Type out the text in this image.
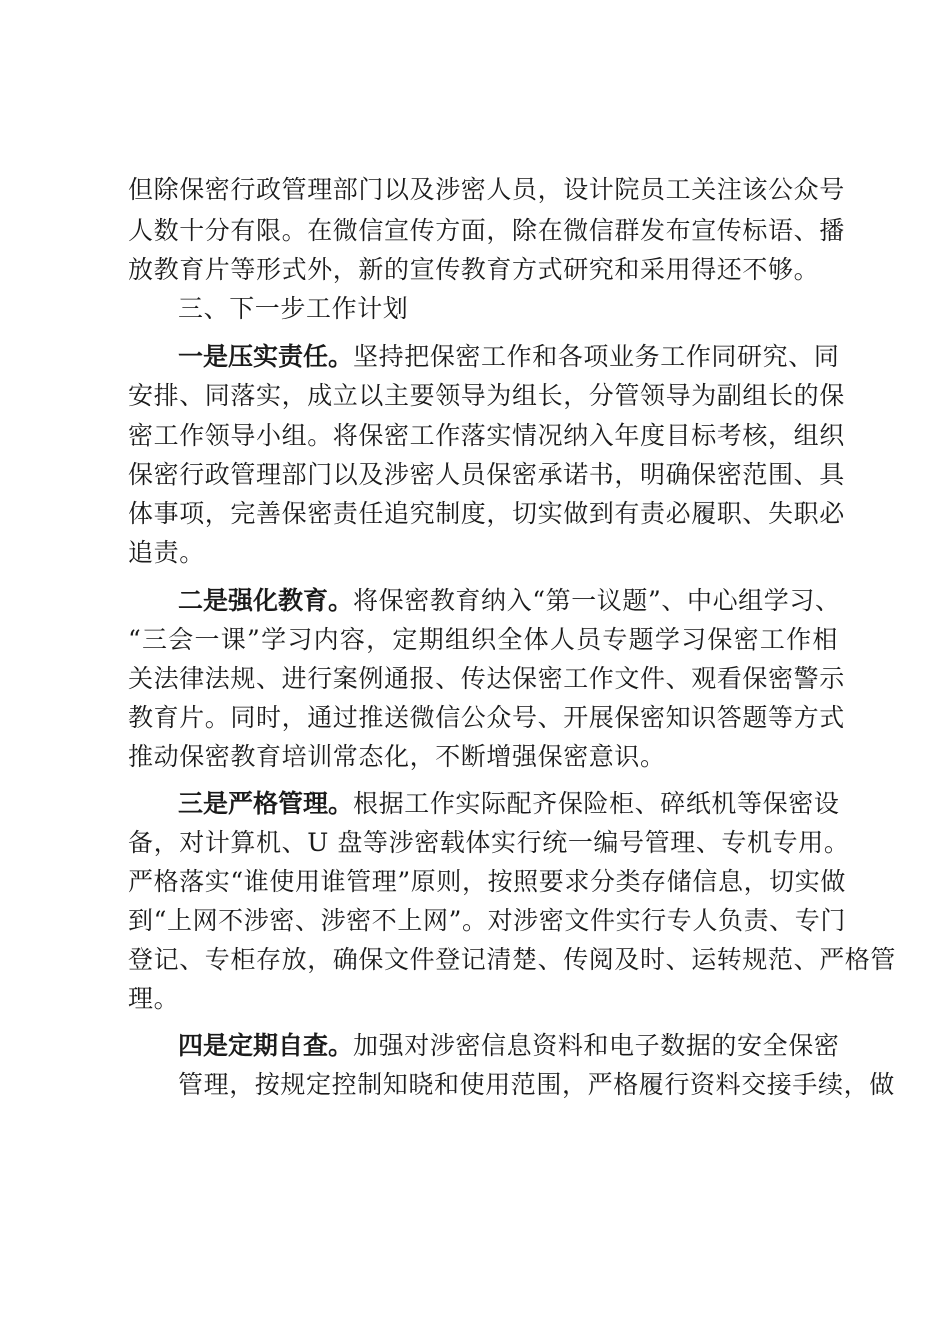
但除保密行政管理部门以及涉密人员，设计院员工关注该公众号
人数十分有限。在微信宣传方面，除在微信群发布宣传标语、播
放教育片等形式外，新的宣传教育方式研究和采用得还不够。
三、下一步工作计划
一是压实责任。坚持把保密工作和各项业务工作同研究、同
安排、同落实，成立以主要领导为组长，分管领导为副组长的保
密工作领导小组。将保密工作落实情况纳入年度目标考核，组织
保密行政管理部门以及涉密人员保密承诺书，明确保密范围、具
体事项，完善保密责任追究制度，切实做到有责必履职、失职必
追责。
二是强化教育。将保密教育纳入“第一议题”、中心组学习、
“三会一课”学习内容，定期组织全体人员专题学习保密工作相
关法律法规、进行案例通报、传达保密工作文件、观看保密警示
教育片。同时，通过推送微信公众号、开展保密知识答题等方式
推动保密教育培训常态化，不断增强保密意识。
三是严格管理。根据工作实际配齐保险柜、碎纸机等保密设
备，对计算机、U 盘等涉密载体实行统一编号管理、专机专用。
严格落实“谁使用谁管理”原则，按照要求分类存储信息，切实做
到“上网不涉密、涉密不上网”。对涉密文件实行专人负责、专门
登记、专柜存放，确保文件登记清楚、传阅及时、运转规范、严格管
理。
四是定期自查。加强对涉密信息资料和电子数据的安全保密
管理，按规定控制知晓和使用范围，严格履行资料交接手续，做
